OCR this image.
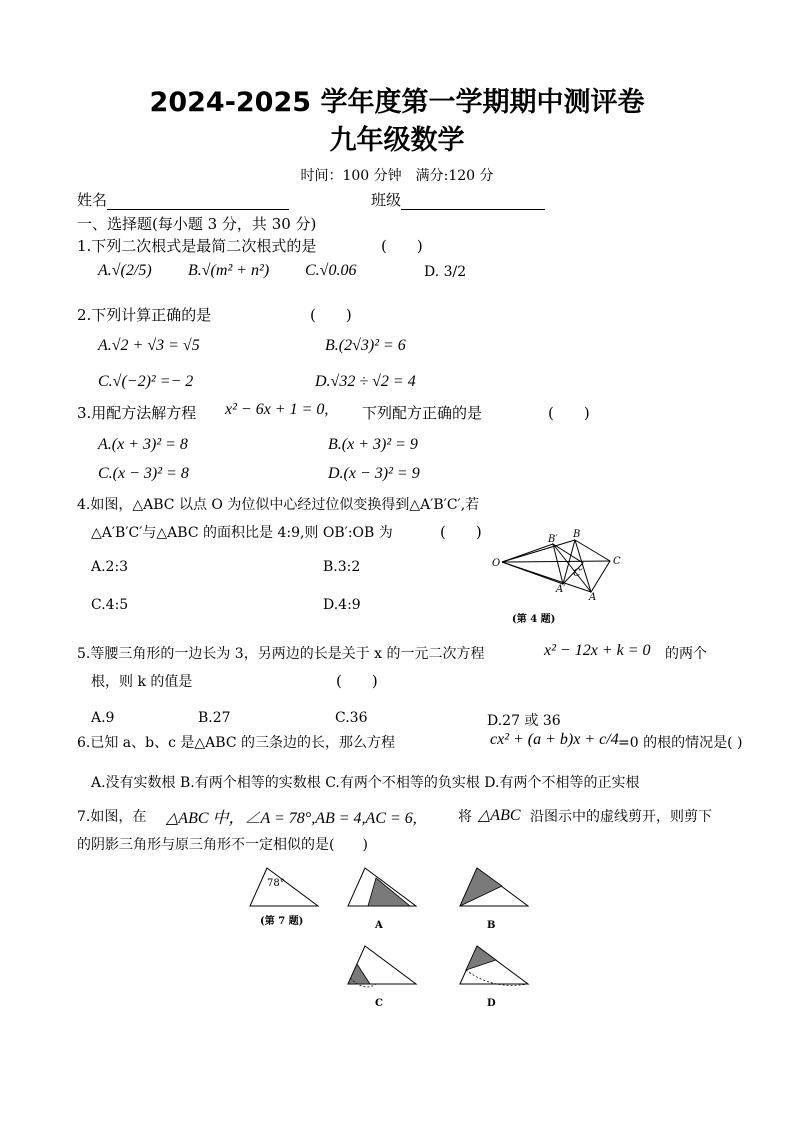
2024-2025 学年度第一学期期中测评卷
九年级数学
时间：100 分钟　满分:120 分
姓名	班级
一、选择题(每小题 3 分，共 30 分)
1.下列二次根式是最简二次根式的是	(　　)
A.√(2/5) B.√(m² + n²) C.√0.06	D. 3/2
2.下列计算正确的是	(　　)
A.√2 + √3 = √5	B.(2√3)² = 6
C.√(−2)² =− 2	D.√32 ÷ √2 = 4
3.用配方法解方程 x² − 6x + 1 = 0, 下列配方正确的是	(　　)
A.(x + 3)² = 8	B.(x + 3)² = 9
C.(x − 3)² = 8	D.(x − 3)² = 9
4.如图，△ABC 以点 O 为位似中心经过位似变换得到△A′B′C′,若
△A′B′C′与△ABC 的面积比是 4:9,则 OB′:OB 为	(　　)
A.2:3	B.3:2
C.4:5	D.4:9
O
B′ B
C′
C
A′
A
(第 4 题)
5.等腰三角形的一边长为 3，另两边的长是关于 x 的一元二次方程	x² − 12x + k = 0 的两个
根，则 k 的值是	(　　)
A.9	B.27	C.36	D.27 或 36
6.已知 a、b、c 是△ABC 的三条边的长，那么方程	cx² + (a + b)x + c/4 =0 的根的情况是( )
A.没有实数根 B.有两个相等的实数根 C.有两个不相等的负实根 D.有两个不相等的正实根
7.如图，在 △ABC 中，∠A = 78°,AB = 4,AC = 6,	将 △ABC 沿图示中的虚线剪开，则剪下
的阴影三角形与原三角形不一定相似的是(　　)
78°
(第 7 题)	A	B
C	D
